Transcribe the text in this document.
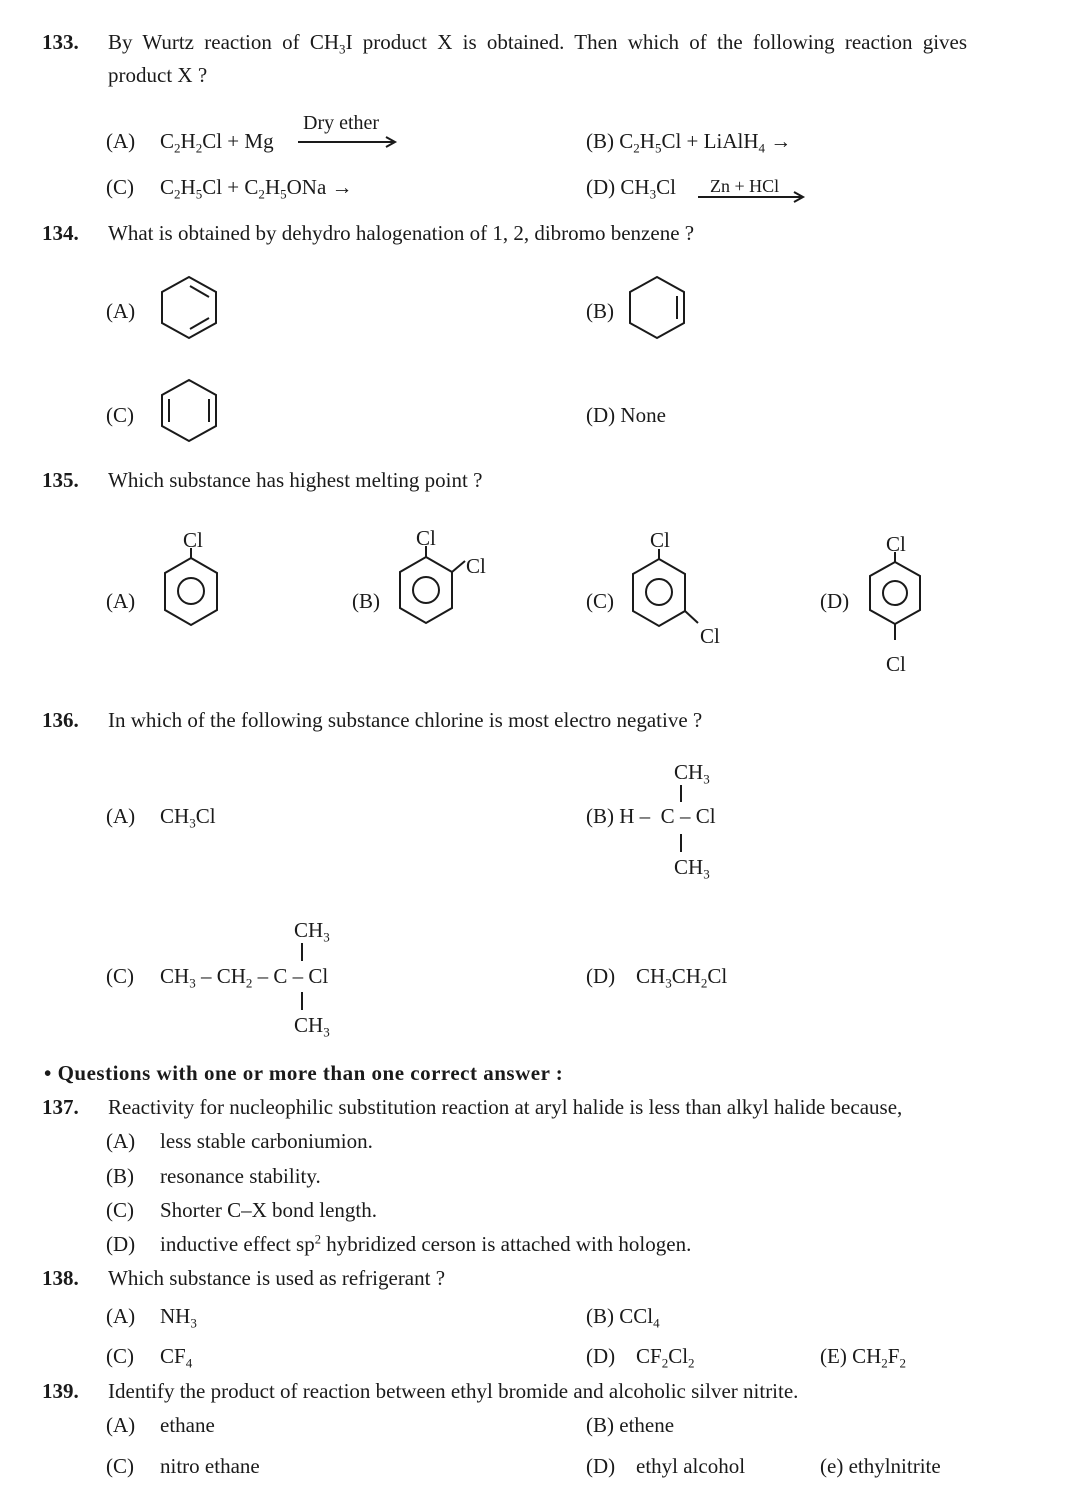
133. By Wurtz reaction of $CH_3I$ product X is obtained. Then which of the following reaction gives
product X ?
(A) $C_2H_2Cl + Mg$
Dry ether
(B) $C_2H_5Cl$ + LiAlH$_4$ →
(C) $C_2H_5Cl + C_2H_5ONa$ →	(D) $CH_3Cl$ Zn + HCl
134. What is obtained by dehydro halogenation of 1, 2, dibromo benzene ?
(A)	(B)
(C)	(D) None
135. Which substance has highest melting point ?
(A)
Cl
(B)
Cl
Cl
(C)
Cl
Cl
(D)
Cl
Cl
136. In which of the following substance chlorine is most electro negative ?
(A) $CH_3Cl$
$CH_3$
(B) H – C – Cl
$CH_3$
$CH_3$
(C) $CH_3 - CH_2$ – C – Cl
$CH_3$
(D) $CH_3CH_2Cl$
• Questions with one or more than one correct answer :
137. Reactivity for nucleophilic substitution reaction at aryl halide is less than alkyl halide because,
(A) less stable carboniumion.
(B) resonance stability.
(C) Shorter C–X bond length.
(D) inductive effect $sp^2$ hybridized cerson is attached with hologen.
138. Which substance is used as refrigerant ?
(A) $NH_3$	(B) CCl$_4$
(C) $CF_4$	(D) $CF_2Cl_2$	(E) $CH_2F_2$
139. Identify the product of reaction between ethyl bromide and alcoholic silver nitrite.
(A) ethane	(B) ethene
(C) nitro ethane	(D) ethyl alcohol	(e) ethylnitrite
